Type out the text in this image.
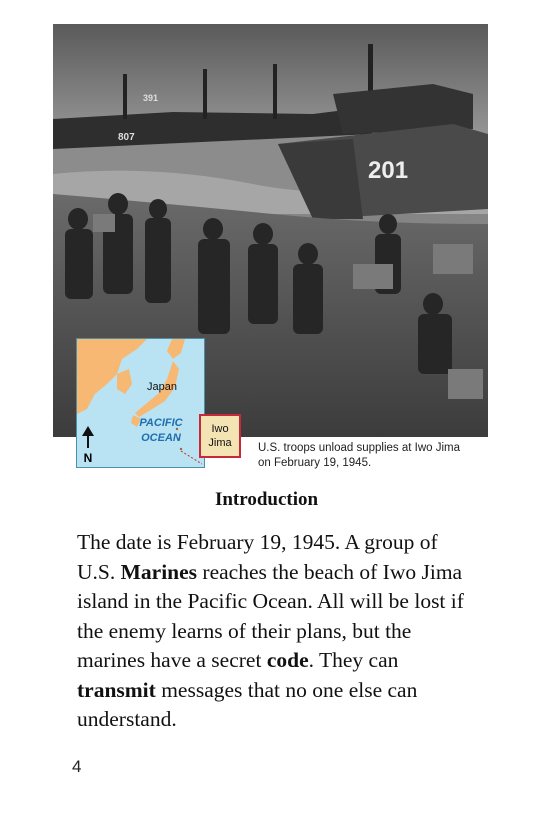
391
807
201
Japan
PACIFIC
OCEAN
N
Iwo
Jima	U.S. troops unload supplies at Iwo Jima
on February 19, 1945.
Introduction
The date is February 19, 1945. A group of U.S. Marines reaches the beach of Iwo Jima island in the Pacific Ocean. All will be lost if the enemy learns of their plans, but the marines have a secret code. They can transmit messages that no one else can understand.
4
